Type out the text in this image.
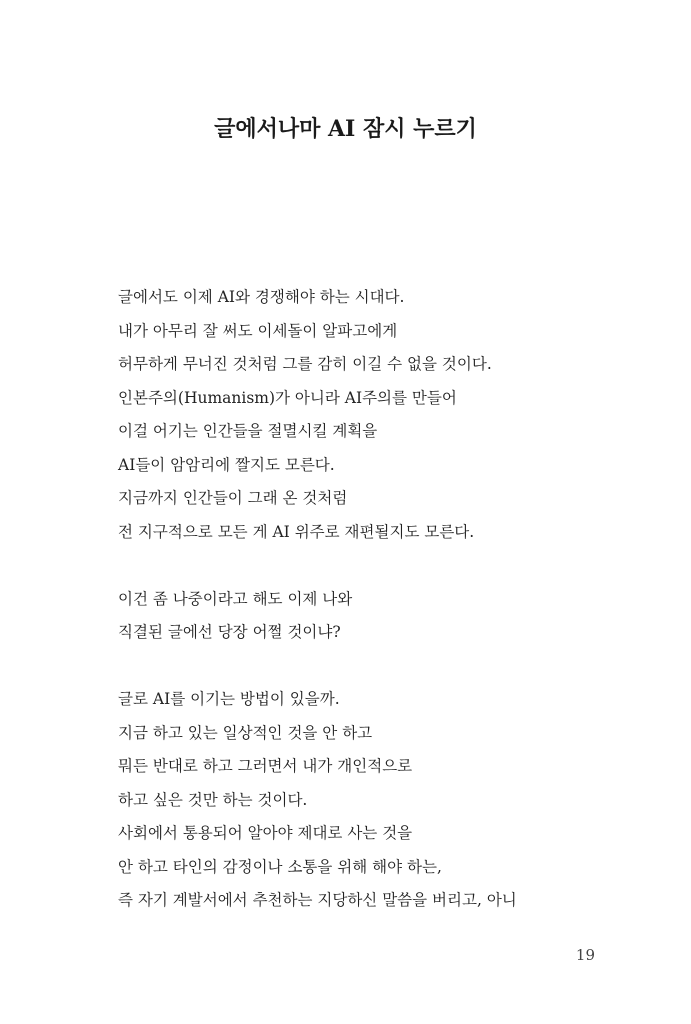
글에서나마 AI 잠시 누르기
글에서도 이제 AI와 경쟁해야 하는 시대다.
내가 아무리 잘 써도 이세돌이 알파고에게
허무하게 무너진 것처럼 그를 감히 이길 수 없을 것이다.
인본주의(Humanism)가 아니라 AI주의를 만들어
이걸 어기는 인간들을 절멸시킬 계획을
AI들이 암암리에 짤지도 모른다.
지금까지 인간들이 그래 온 것처럼
전 지구적으로 모든 게 AI 위주로 재편될지도 모른다.
이건 좀 나중이라고 해도 이제 나와
직결된 글에선 당장 어쩔 것이냐?
글로 AI를 이기는 방법이 있을까.
지금 하고 있는 일상적인 것을 안 하고
뭐든 반대로 하고 그러면서 내가 개인적으로
하고 싶은 것만 하는 것이다.
사회에서 통용되어 알아야 제대로 사는 것을
안 하고 타인의 감정이나 소통을 위해 해야 하는,
즉 자기 계발서에서 추천하는 지당하신 말씀을 버리고, 아니
19
